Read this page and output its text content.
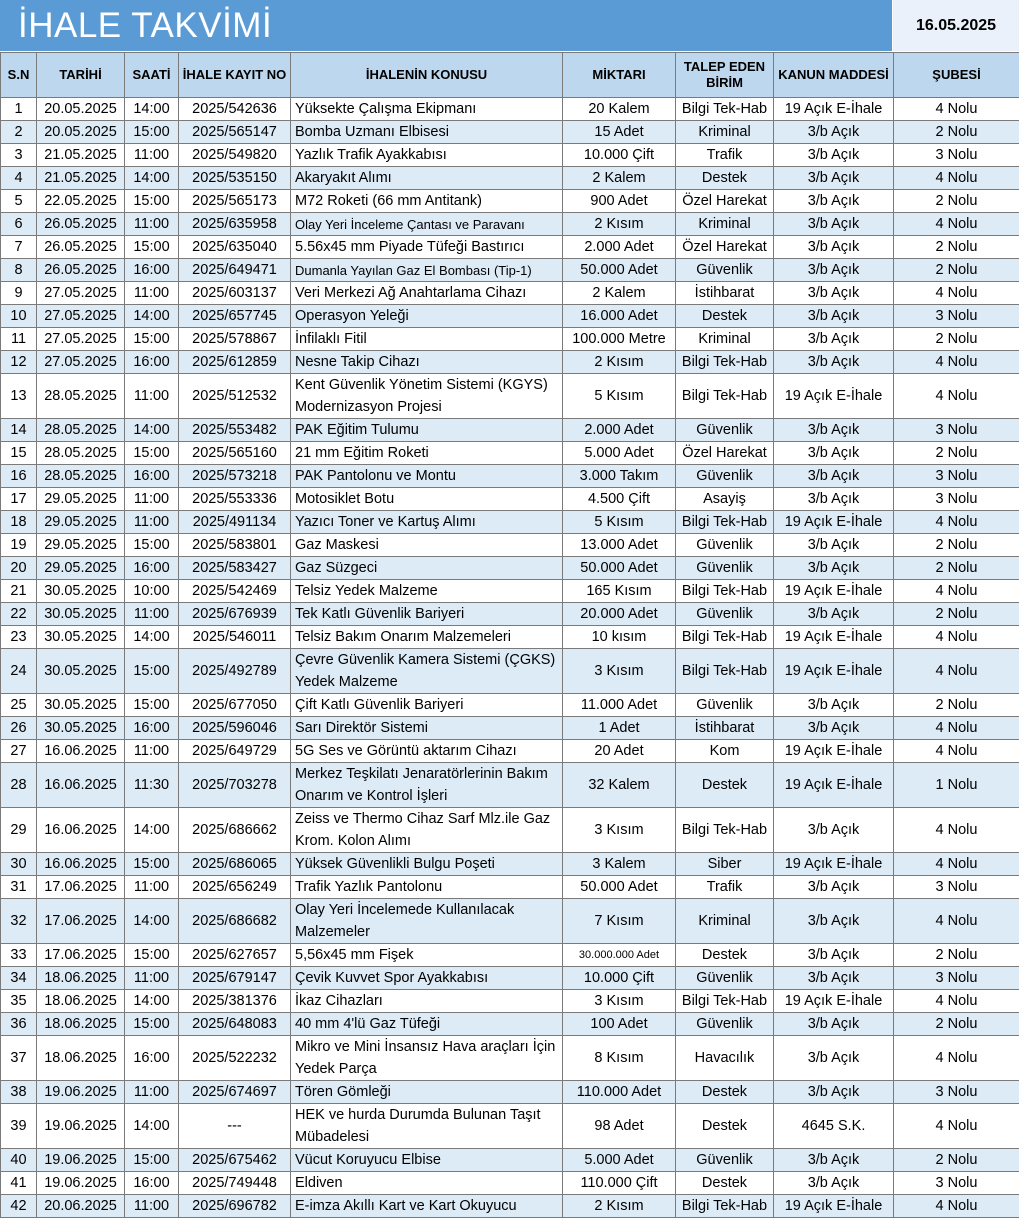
İHALE TAKVİMİ	16.05.2025
S.N	TARİHİ	SAATİ	İHALE KAYIT NO	İHALENİN KONUSU	MİKTARI	TALEP EDEN BİRİM	KANUN MADDESİ	ŞUBESİ
1	20.05.2025	14:00	2025/542636	Yüksekte Çalışma Ekipmanı	20 Kalem	Bilgi Tek-Hab	19 Açık E-İhale	4 Nolu
2	20.05.2025	15:00	2025/565147	Bomba Uzmanı Elbisesi	15 Adet	Kriminal	3/b Açık	2 Nolu
3	21.05.2025	11:00	2025/549820	Yazlık Trafik Ayakkabısı	10.000 Çift	Trafik	3/b Açık	3 Nolu
4	21.05.2025	14:00	2025/535150	Akaryakıt Alımı	2 Kalem	Destek	3/b Açık	4 Nolu
5	22.05.2025	15:00	2025/565173	M72 Roketi (66 mm Antitank)	900 Adet	Özel Harekat	3/b Açık	2 Nolu
6	26.05.2025	11:00	2025/635958	Olay Yeri İnceleme Çantası ve Paravanı	2 Kısım	Kriminal	3/b Açık	4 Nolu
7	26.05.2025	15:00	2025/635040	5.56x45 mm Piyade Tüfeği Bastırıcı	2.000 Adet	Özel Harekat	3/b Açık	2 Nolu
8	26.05.2025	16:00	2025/649471	Dumanla Yayılan Gaz El Bombası (Tip-1)	50.000 Adet	Güvenlik	3/b Açık	2 Nolu
9	27.05.2025	11:00	2025/603137	Veri Merkezi Ağ Anahtarlama Cihazı	2 Kalem	İstihbarat	3/b Açık	4 Nolu
10	27.05.2025	14:00	2025/657745	Operasyon Yeleği	16.000 Adet	Destek	3/b Açık	3 Nolu
11	27.05.2025	15:00	2025/578867	İnfilaklı Fitil	100.000 Metre	Kriminal	3/b Açık	2 Nolu
12	27.05.2025	16:00	2025/612859	Nesne Takip Cihazı	2 Kısım	Bilgi Tek-Hab	3/b Açık	4 Nolu
13	28.05.2025	11:00	2025/512532	Kent Güvenlik Yönetim Sistemi (KGYS) Modernizasyon Projesi	5 Kısım	Bilgi Tek-Hab	19 Açık E-İhale	4 Nolu
14	28.05.2025	14:00	2025/553482	PAK Eğitim Tulumu	2.000 Adet	Güvenlik	3/b Açık	3 Nolu
15	28.05.2025	15:00	2025/565160	21 mm Eğitim Roketi	5.000 Adet	Özel Harekat	3/b Açık	2 Nolu
16	28.05.2025	16:00	2025/573218	PAK Pantolonu ve Montu	3.000 Takım	Güvenlik	3/b Açık	3 Nolu
17	29.05.2025	11:00	2025/553336	Motosiklet Botu	4.500 Çift	Asayiş	3/b Açık	3 Nolu
18	29.05.2025	11:00	2025/491134	Yazıcı Toner ve Kartuş Alımı	5 Kısım	Bilgi Tek-Hab	19 Açık E-İhale	4 Nolu
19	29.05.2025	15:00	2025/583801	Gaz Maskesi	13.000 Adet	Güvenlik	3/b Açık	2 Nolu
20	29.05.2025	16:00	2025/583427	Gaz Süzgeci	50.000 Adet	Güvenlik	3/b Açık	2 Nolu
21	30.05.2025	10:00	2025/542469	Telsiz Yedek Malzeme	165 Kısım	Bilgi Tek-Hab	19 Açık E-İhale	4 Nolu
22	30.05.2025	11:00	2025/676939	Tek Katlı Güvenlik Bariyeri	20.000 Adet	Güvenlik	3/b Açık	2 Nolu
23	30.05.2025	14:00	2025/546011	Telsiz Bakım Onarım Malzemeleri	10 kısım	Bilgi Tek-Hab	19 Açık E-İhale	4 Nolu
24	30.05.2025	15:00	2025/492789	Çevre Güvenlik Kamera Sistemi (ÇGKS) Yedek Malzeme	3 Kısım	Bilgi Tek-Hab	19 Açık E-İhale	4 Nolu
25	30.05.2025	15:00	2025/677050	Çift Katlı Güvenlik Bariyeri	11.000 Adet	Güvenlik	3/b Açık	2 Nolu
26	30.05.2025	16:00	2025/596046	Sarı Direktör Sistemi	1 Adet	İstihbarat	3/b Açık	4 Nolu
27	16.06.2025	11:00	2025/649729	5G Ses ve Görüntü aktarım Cihazı	20 Adet	Kom	19 Açık E-İhale	4 Nolu
28	16.06.2025	11:30	2025/703278	Merkez Teşkilatı Jenaratörlerinin Bakım Onarım ve Kontrol İşleri	32 Kalem	Destek	19 Açık E-İhale	1 Nolu
29	16.06.2025	14:00	2025/686662	Zeiss ve Thermo Cihaz Sarf Mlz.ile Gaz Krom. Kolon Alımı	3 Kısım	Bilgi Tek-Hab	3/b Açık	4 Nolu
30	16.06.2025	15:00	2025/686065	Yüksek Güvenlikli Bulgu Poşeti	3 Kalem	Siber	19 Açık E-İhale	4 Nolu
31	17.06.2025	11:00	2025/656249	Trafik Yazlık Pantolonu	50.000 Adet	Trafik	3/b Açık	3 Nolu
32	17.06.2025	14:00	2025/686682	Olay Yeri İncelemede Kullanılacak Malzemeler	7 Kısım	Kriminal	3/b Açık	4 Nolu
33	17.06.2025	15:00	2025/627657	5,56x45 mm Fişek	30.000.000 Adet	Destek	3/b Açık	2 Nolu
34	18.06.2025	11:00	2025/679147	Çevik Kuvvet Spor Ayakkabısı	10.000 Çift	Güvenlik	3/b Açık	3 Nolu
35	18.06.2025	14:00	2025/381376	İkaz Cihazları	3 Kısım	Bilgi Tek-Hab	19 Açık E-İhale	4 Nolu
36	18.06.2025	15:00	2025/648083	40 mm 4'lü Gaz Tüfeği	100 Adet	Güvenlik	3/b Açık	2 Nolu
37	18.06.2025	16:00	2025/522232	Mikro ve Mini İnsansız Hava araçları İçin Yedek Parça	8 Kısım	Havacılık	3/b Açık	4 Nolu
38	19.06.2025	11:00	2025/674697	Tören Gömleği	110.000 Adet	Destek	3/b Açık	3 Nolu
39	19.06.2025	14:00	---	HEK ve hurda Durumda Bulunan Taşıt Mübadelesi	98 Adet	Destek	4645 S.K.	4 Nolu
40	19.06.2025	15:00	2025/675462	Vücut Koruyucu Elbise	5.000 Adet	Güvenlik	3/b Açık	2 Nolu
41	19.06.2025	16:00	2025/749448	Eldiven	110.000 Çift	Destek	3/b Açık	3 Nolu
42	20.06.2025	11:00	2025/696782	E-imza Akıllı Kart ve Kart Okuyucu	2 Kısım	Bilgi Tek-Hab	19 Açık E-İhale	4 Nolu
